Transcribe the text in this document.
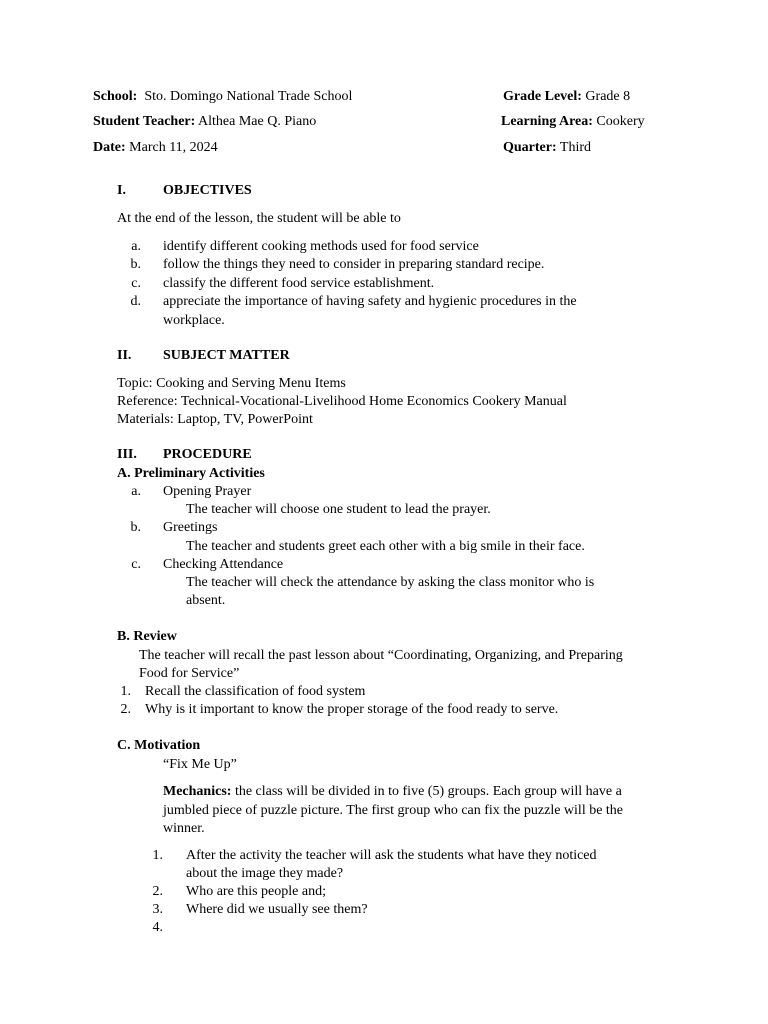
School: Sto. Domingo National Trade School	Grade Level: Grade 8
Student Teacher: Althea Mae Q. Piano	Learning Area: Cookery
Date: March 11, 2024	Quarter: Third
I.	OBJECTIVES
At the end of the lesson, the student will be able to
a. identify different cooking methods used for food service
b. follow the things they need to consider in preparing standard recipe.
c. classify the different food service establishment.
d. appreciate the importance of having safety and hygienic procedures in the
workplace.
II. SUBJECT MATTER
Topic: Cooking and Serving Menu Items
Reference: Technical-Vocational-Livelihood Home Economics Cookery Manual
Materials: Laptop, TV, PowerPoint
III. PROCEDURE
A. Preliminary Activities
a. Opening Prayer
The teacher will choose one student to lead the prayer.
b. Greetings
The teacher and students greet each other with a big smile in their face.
c. Checking Attendance
The teacher will check the attendance by asking the class monitor who is
absent.
B. Review
The teacher will recall the past lesson about “Coordinating, Organizing, and Preparing
Food for Service”
1. Recall the classification of food system
2. Why is it important to know the proper storage of the food ready to serve.
C. Motivation
“Fix Me Up”
Mechanics: the class will be divided in to five (5) groups. Each group will have a
jumbled piece of puzzle picture. The first group who can fix the puzzle will be the
winner.
1. After the activity the teacher will ask the students what have they noticed
about the image they made?
2. Who are this people and;
3. Where did we usually see them?
4.
